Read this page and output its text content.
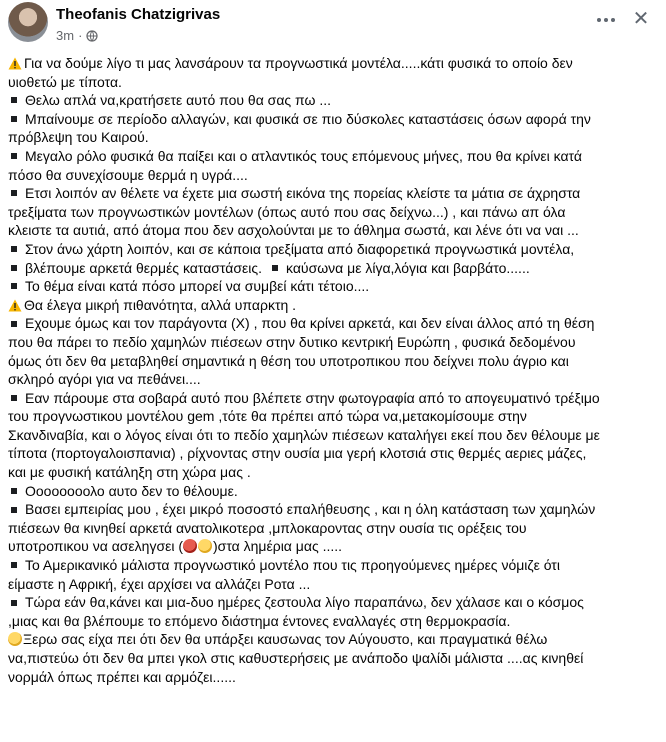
Theofanis Chatzigrivas
3m ·
✕
Για να δούμε λίγο τι μας λανσάρουν τα προγνωστικά μοντέλα.....κάτι φυσικά το οποίο δεν
υιοθετώ με τίποτα.
Θελω απλά να,κρατήσετε αυτό που θα σας πω ...
Μπαίνουμε σε περίοδο αλλαγών, και φυσικά σε πιο δύσκολες καταστάσεις όσων αφορά την
πρόβλεψη του Καιρού.
Μεγαλο ρόλο φυσικά θα παίξει και ο ατλαντικός τους επόμενους μήνες, που θα κρίνει κατά
πόσο θα συνεχίσουμε θερμά η υγρά....
Ετσι λοιπόν αν θέλετε να έχετε μια σωστή εικόνα της πορείας κλείστε τα μάτια σε άχρηστα
τρεξίματα των προγνωστικών μοντέλων (όπως αυτό που σας δείχνω...) , και πάνω απ όλα
κλειστε τα αυτιά, από άτομα που δεν ασχολούνται με το άθλημα σωστά, και λένε ότι να ναι ...
Στον άνω χάρτη λοιπόν, και σε κάποια τρεξίματα από διαφορετικά προγνωστικά μοντέλα,
βλέπουμε αρκετά θερμές καταστάσεις. καύσωνα με λίγα,λόγια και βαρβάτο......
Το θέμα είναι κατά πόσο μπορεί να συμβεί κάτι τέτοιο....
Θα έλεγα μικρή πιθανότητα, αλλά υπαρκτη .
Εχουμε όμως και τον παράγοντα (Χ) , που θα κρίνει αρκετά, και δεν είναι άλλος από τη θέση
που θα πάρει το πεδίο χαμηλών πιέσεων στην δυτικο κεντρική Ευρώπη , φυσικά δεδομένου
όμως ότι δεν θα μεταβληθεί σημαντικά η θέση του υποτροπικου που δείχνει πολυ άγριο και
σκληρό αγόρι για να πεθάνει....
Εαν πάρουμε στα σοβαρά αυτό που βλέπετε στην φωτογραφία από το απογευματινό τρέξιμο
του προγνωστικου μοντέλου gem ,τότε θα πρέπει από τώρα να,μετακομίσουμε στην
Σκανδιναβία, και ο λόγος είναι ότι το πεδίο χαμηλών πιέσεων καταλήγει εκεί που δεν θέλουμε με
τίποτα (πορτογαλοισπανια) , ρίχνοντας στην ουσία μια γερή κλοτσιά στις θερμές αεριες μάζες,
και με φυσική κατάληξη στη χώρα μας .
Οοοοοοοολο αυτο δεν το θέλουμε.
Βασει εμπειρίας μου , έχει μικρό ποσοστό επαλήθευσης , και η όλη κατάσταση των χαμηλών
πιέσεων θα κινηθεί αρκετά ανατολικοτερα ,μπλοκαροντας στην ουσία τις ορέξεις του
υποτροπικου να ασεληγσει ( )στα λημέρια μας .....
Το Αμερικανικό μάλιστα προγνωστικό μοντέλο που τις προηγούμενες ημέρες νόμιζε ότι
είμαστε η Αφρική, έχει αρχίσει να αλλάζει Ροτα ...
Τώρα εάν θα,κάνει και μια-δυο ημέρες ζεστουλα λίγο παραπάνω, δεν χάλασε και ο κόσμος
,μιας και θα βλέπουμε το επόμενο διάστημα έντονες εναλλαγές στη θερμοκρασία.
Ξερω σας είχα πει ότι δεν θα υπάρξει καυσωνας τον Αύγουστο, και πραγματικά θέλω
να,πιστεύω ότι δεν θα μπει γκολ στις καθυστερήσεις με ανάποδο ψαλίδι μάλιστα ....ας κινηθεί
νορμάλ όπως πρέπει και αρμόζει......
